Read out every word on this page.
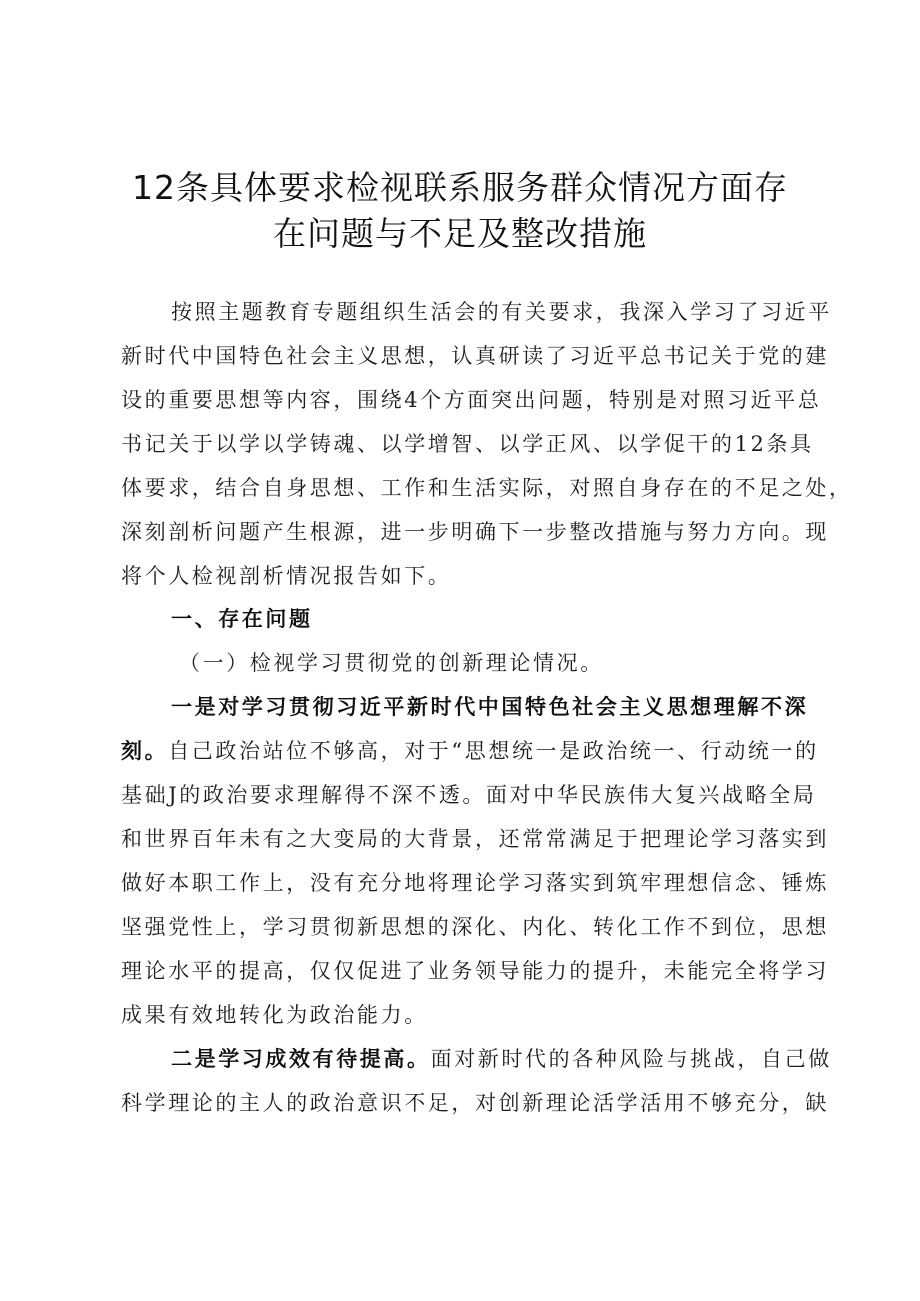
12条具体要求检视联系服务群众情况方面存
在问题与不足及整改措施
按照主题教育专题组织生活会的有关要求，我深入学习了习近平
新时代中国特色社会主义思想，认真研读了习近平总书记关于党的建
设的重要思想等内容，围绕4个方面突出问题，特别是对照习近平总
书记关于以学以学铸魂、以学增智、以学正风、以学促干的12条具
体要求，结合自身思想、工作和生活实际，对照自身存在的不足之处，
深刻剖析问题产生根源，进一步明确下一步整改措施与努力方向。现
将个人检视剖析情况报告如下。
一、存在问题
（一）检视学习贯彻党的创新理论情况。
一是对学习贯彻习近平新时代中国特色社会主义思想理解不深
刻。自己政治站位不够高，对于“思想统一是政治统一、行动统一的
基础J的政治要求理解得不深不透。面对中华民族伟大复兴战略全局
和世界百年未有之大变局的大背景，还常常满足于把理论学习落实到
做好本职工作上，没有充分地将理论学习落实到筑牢理想信念、锤炼
坚强党性上，学习贯彻新思想的深化、内化、转化工作不到位，思想
理论水平的提高，仅仅促进了业务领导能力的提升，未能完全将学习
成果有效地转化为政治能力。
二是学习成效有待提高。面对新时代的各种风险与挑战，自己做
科学理论的主人的政治意识不足，对创新理论活学活用不够充分，缺
